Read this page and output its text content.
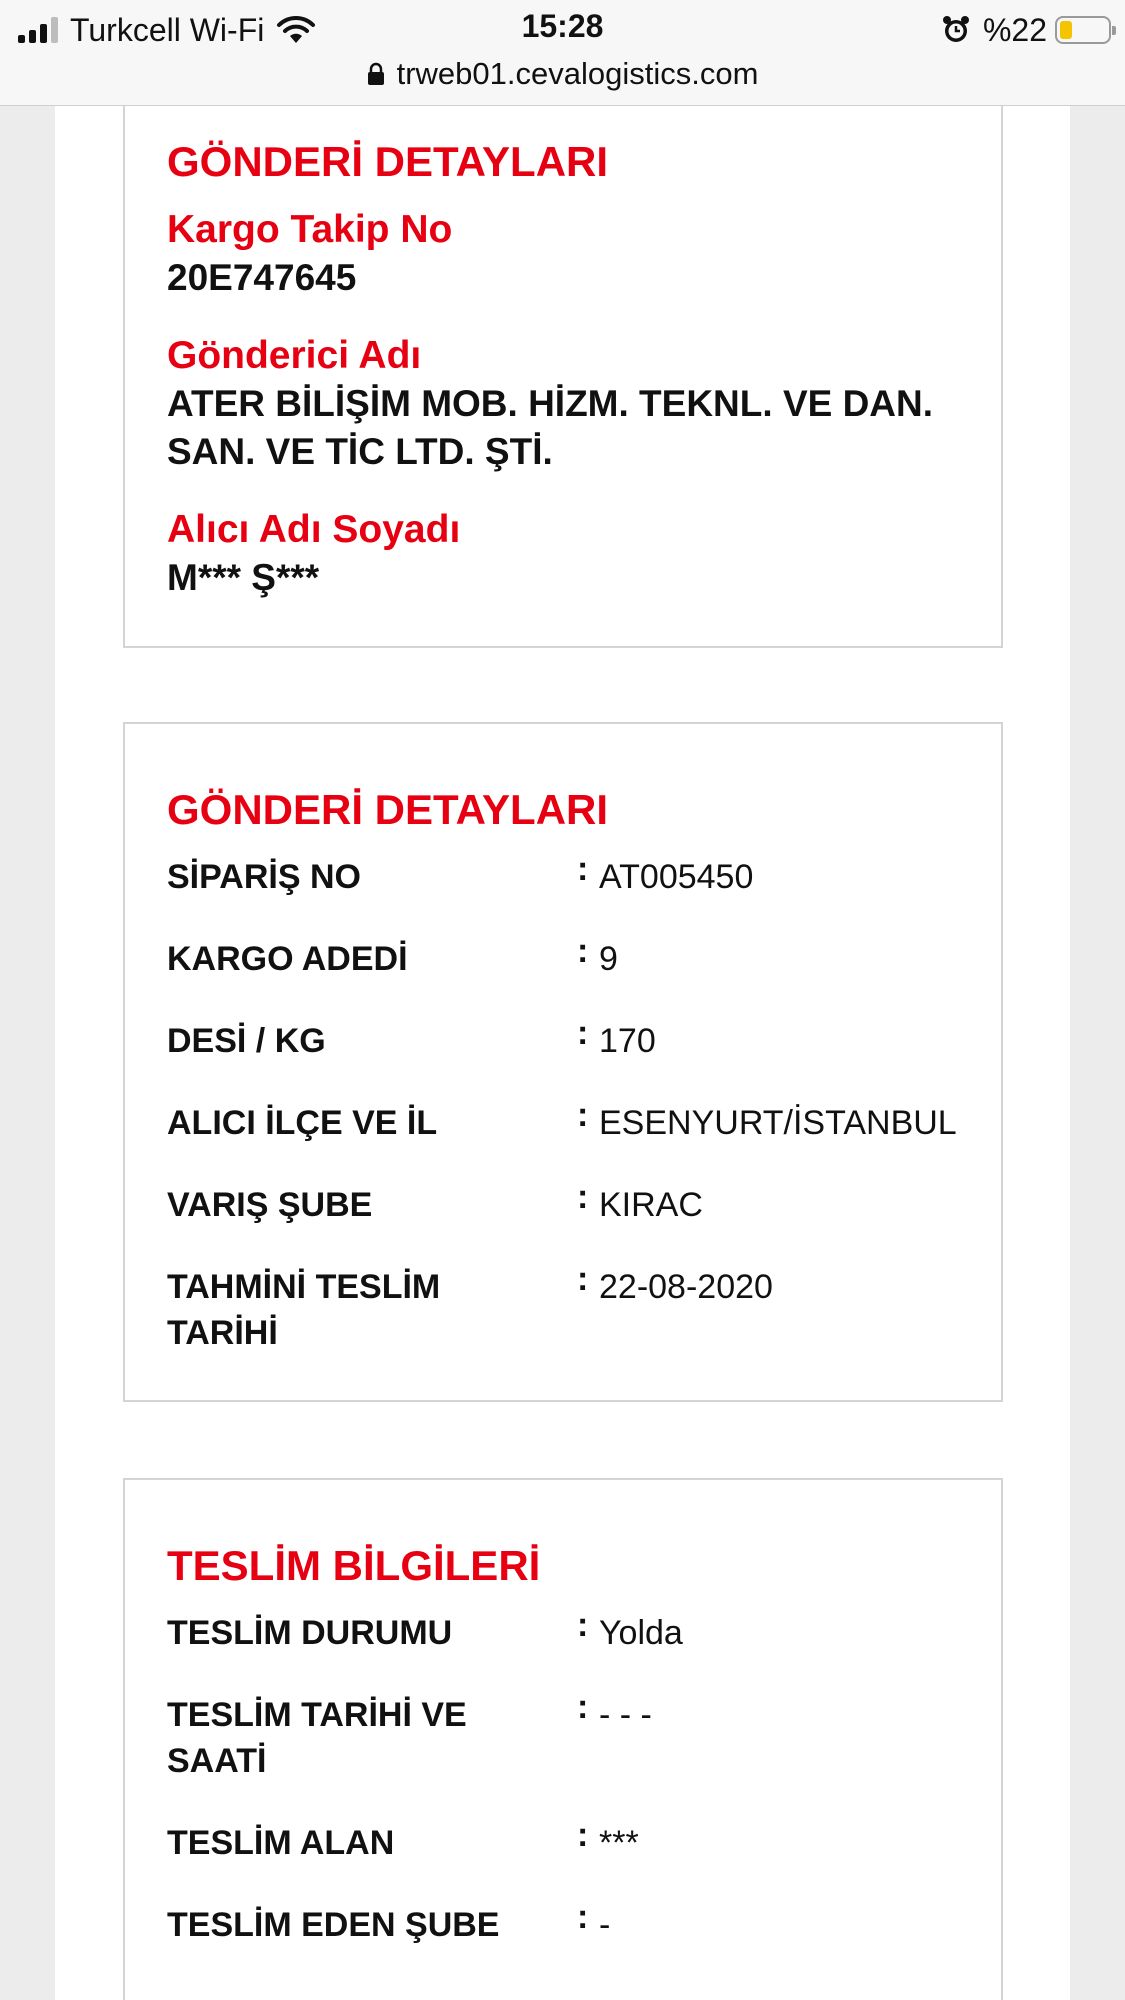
Turkcell Wi-Fi	15:28	%22
trweb01.cevalogistics.com
GÖNDERİ DETAYLARI
Kargo Takip No
20E747645
Gönderici Adı
ATER BİLİŞİM MOB. HİZM. TEKNL. VE DAN.
SAN. VE TİC LTD. ŞTİ.
Alıcı Adı Soyadı
M*** Ş***
GÖNDERİ DETAYLARI
SİPARİŞ NO	: AT005450
KARGO ADEDİ	: 9
DESİ / KG	: 170
ALICI İLÇE VE İL	: ESENYURT/İSTANBUL
VARIŞ ŞUBE	: KIRAC
TAHMİNİ TESLİM
TARİHİ
: 22-08-2020
TESLİM BİLGİLERİ
TESLİM DURUMU	: Yolda
TESLİM TARİHİ VE
SAATİ
: - - -
TESLİM ALAN	: ***
TESLİM EDEN ŞUBE	: -
